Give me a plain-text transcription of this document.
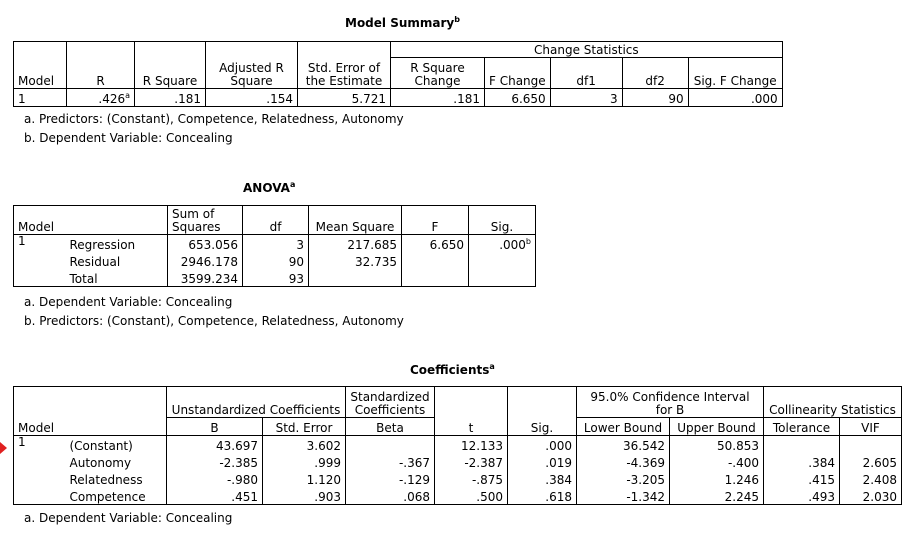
Model Summary$^b$
Model	R	R Square	Adjusted R Square	Std. Error of the Estimate	Change Statistics				
					R Square Change	F Change	df1	df2	Sig. F Change
1	.426$^a$	.181	.154	5.721	.181	6.650	3	90	.000
a. Predictors: (Constant), Competence, Relatedness, Autonomy
b. Dependent Variable: Concealing
ANOVA$^a$
Model		Sum of Squares	df	Mean Square	F	Sig.
1	Regression	653.056	3	217.685	6.650	.000$^b$
	Residual	2946.178	90	32.735		
	Total	3599.234	93			
a. Dependent Variable: Concealing
b. Predictors: (Constant), Competence, Relatedness, Autonomy
Coefficients$^a$
Model		Unstandardized Coefficients		Standardized Coefficients	t	Sig.	95.0% Confidence Interval for B		Collinearity Statistics	
		B	Std. Error	Beta			Lower Bound	Upper Bound	Tolerance	VIF
1	(Constant)	43.697	3.602		12.133	.000	36.542	50.853		
	Autonomy	-2.385	.999	-.367	-2.387	.019	-4.369	-.400	.384	2.605
	Relatedness	-.980	1.120	-.129	-.875	.384	-3.205	1.246	.415	2.408
	Competence	.451	.903	.068	.500	.618	-1.342	2.245	.493	2.030
a. Dependent Variable: Concealing
